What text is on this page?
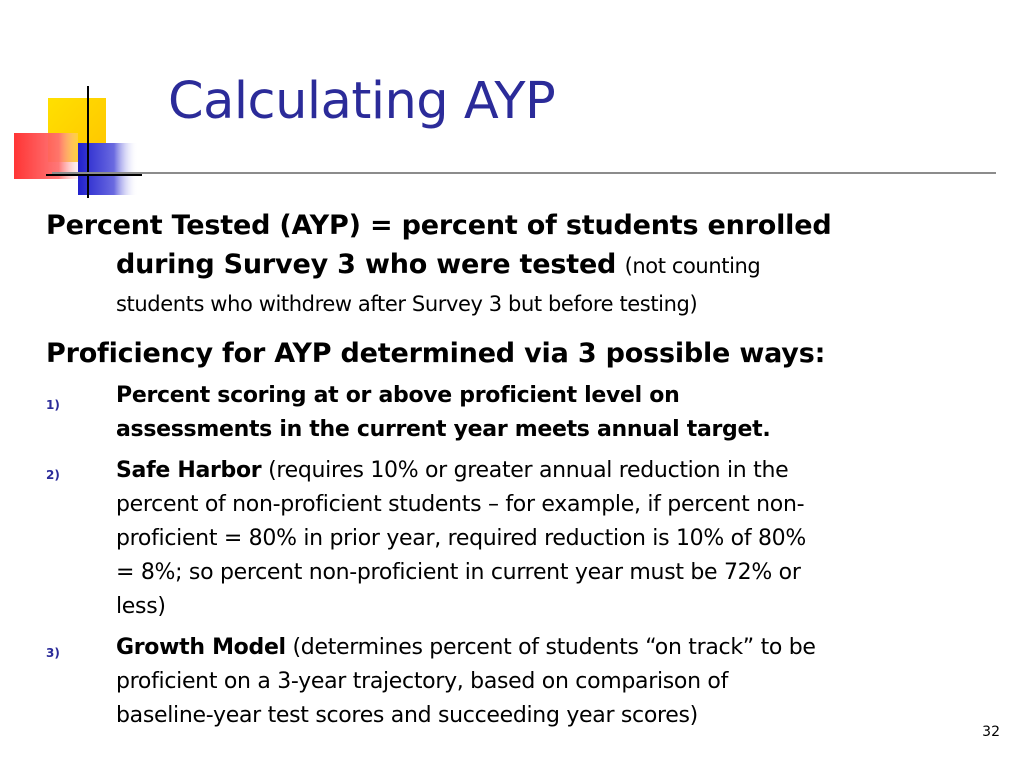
Calculating AYP
Percent Tested (AYP) = percent of students enrolled
during Survey 3 who were tested (not counting
students who withdrew after Survey 3 but before testing)
Proficiency for AYP determined via 3 possible ways:
1)	Percent scoring at or above proficient level on
assessments in the current year meets annual target.
2)	Safe Harbor (requires 10% or greater annual reduction in the
percent of non-proficient students – for example, if percent non-
proficient = 80% in prior year, required reduction is 10% of 80%
= 8%; so percent non-proficient in current year must be 72% or
less)
3)	Growth Model (determines percent of students “on track” to be
proficient on a 3-year trajectory, based on comparison of
baseline-year test scores and succeeding year scores)
32
